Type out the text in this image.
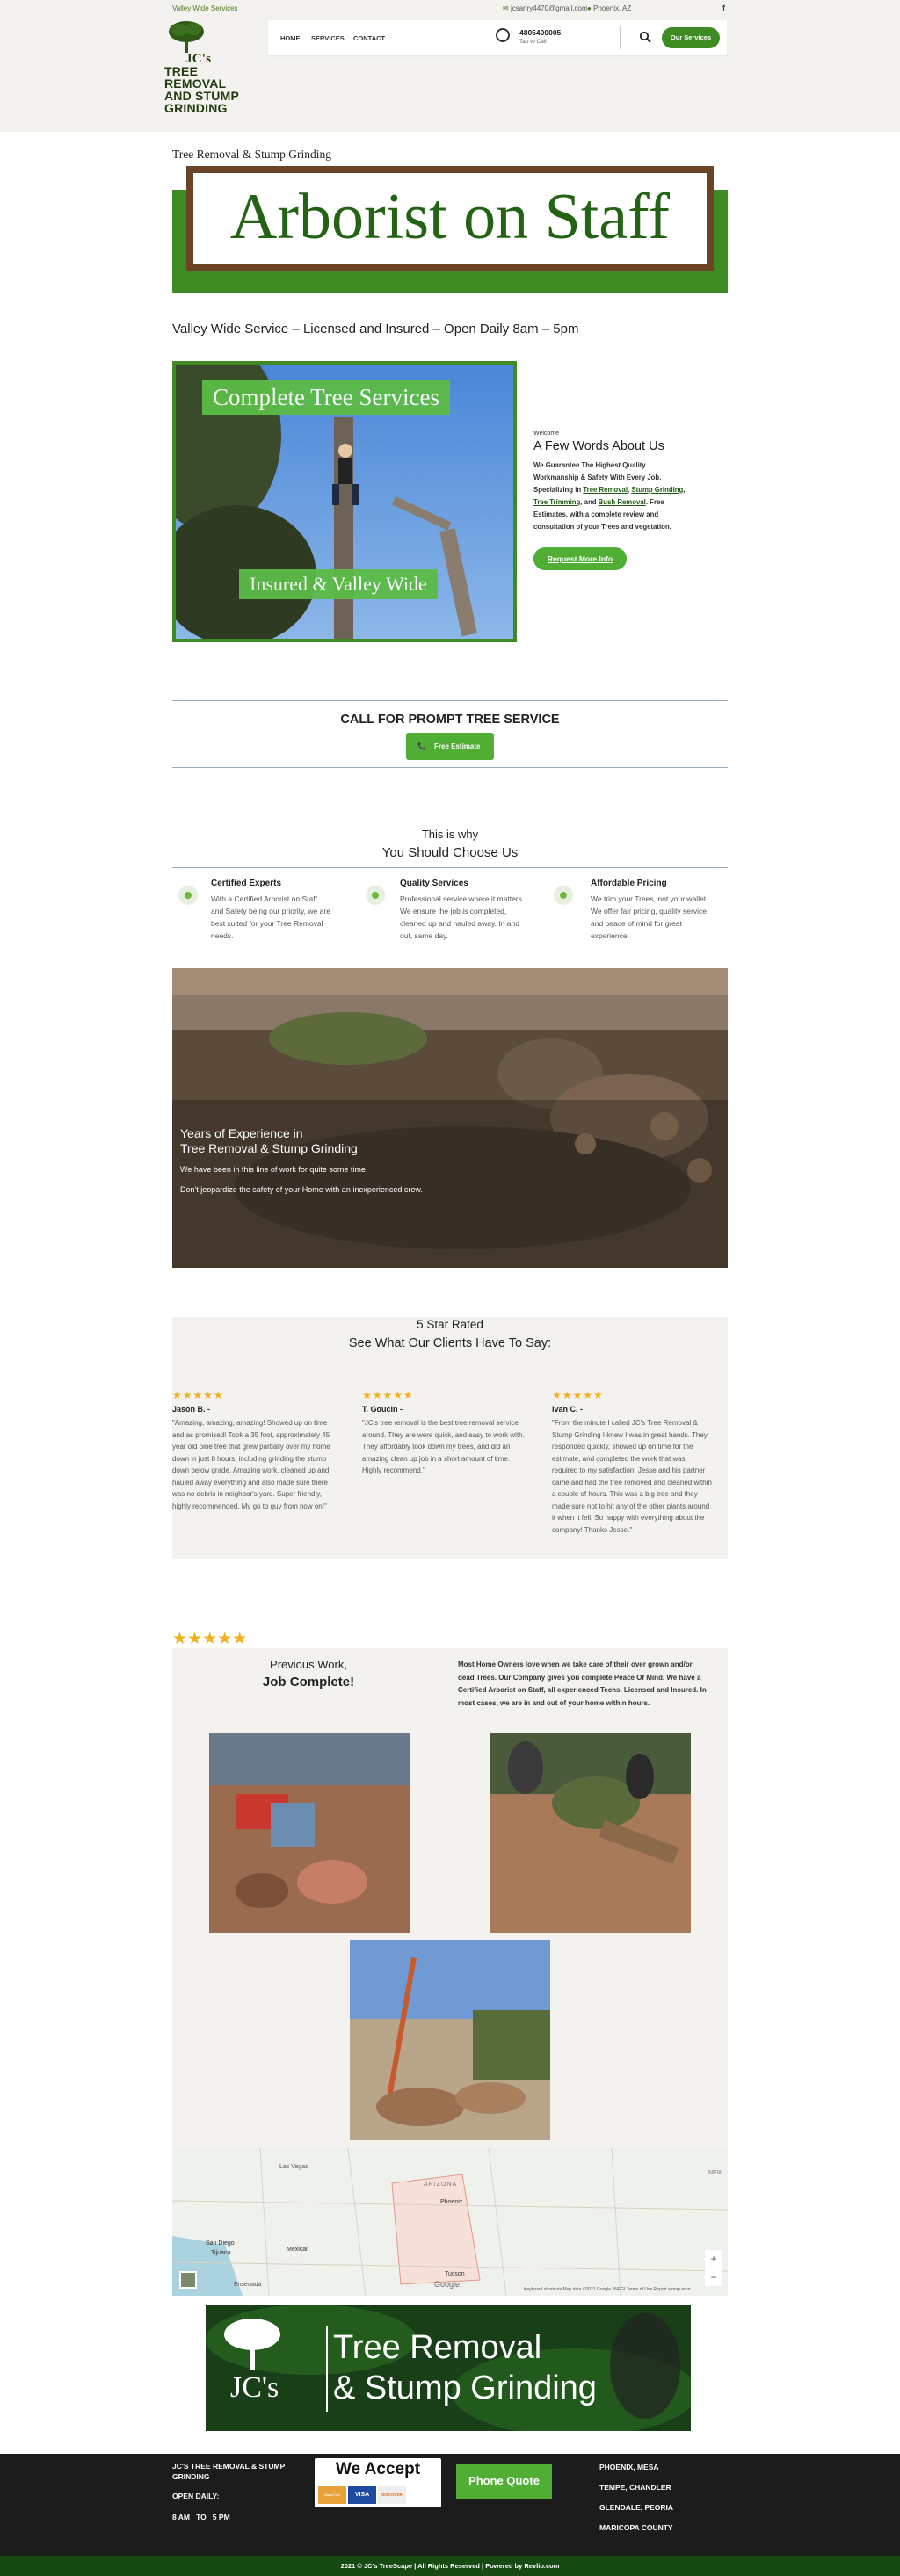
Valley Wide Services	✉ jcsanry4470@gmail.com ● Phoenix, AZ	f
JC's
TREE
REMOVAL
AND STUMP
GRINDING
HOME SERVICES CONTACT
4805400005
Tap to Call
Our Services
Tree Removal & Stump Grinding
Arborist on Staff
Valley Wide Service – Licensed and Insured – Open Daily 8am – 5pm
Complete Tree Services
Insured & Valley Wide
Welcome
A Few Words About Us
We Guarantee The Highest Quality
Workmanship & Safety With Every Job.
Specializing in Tree Removal, Stump Grinding,
Tree Trimming, and Bush Removal. Free
Estimates, with a complete review and
consultation of your Trees and vegetation.
Request More Info
CALL FOR PROMPT TREE SERVICE
📞 Free Estimate
This is why
You Should Choose Us
Certified Experts
With a Certified Arborist on Staff
and Safety being our priority, we are
best suited for your Tree Removal
needs.
Quality Services
Professional service where it matters.
We ensure the job is completed,
cleaned up and hauled away. In and
out, same day.
Affordable Pricing
We trim your Trees, not your wallet.
We offer fair pricing, quality service
and peace of mind for great
experience.
Years of Experience in
Tree Removal & Stump Grinding
We have been in this line of work for quite some time.
Don't jeopardize the safety of your Home with an inexperienced crew.
5 Star Rated
See What Our Clients Have To Say:
★★★★★
Jason B. -
"Amazing, amazing, amazing! Showed up on time
and as promised! Took a 35 foot, approximately 45
year old pine tree that grew partially over my home
down in just 8 hours, including grinding the stump
down below grade. Amazing work, cleaned up and
hauled away everything and also made sure there
was no debris in neighbor's yard. Super friendly,
highly recommended. My go to guy from now on!"
★★★★★
T. Goucin -
"JC's tree removal is the best tree removal service
around. They are were quick, and easy to work with.
They affordably took down my trees, and did an
amazing clean up job in a short amount of time.
Highly recommend."
★★★★★
Ivan C. -
"From the minute I called JC's Tree Removal &
Stump Grinding I knew I was in great hands. They
responded quickly, showed up on time for the
estimate, and completed the work that was
required to my satisfaction. Jesse and his partner
came and had the tree removed and cleaned within
a couple of hours. This was a big tree and they
made sure not to hit any of the other plants around
it when it fell. So happy with everything about the
company! Thanks Jesse."
★★★★★
Previous Work,
Job Complete!
Most Home Owners love when we take care of their over grown and/or
dead Trees. Our Company gives you complete Peace Of Mind. We have a
Certified Arborist on Staff, all experienced Techs, Licensed and Insured. In
most cases, we are in and out of your home within hours.
Las Vegas
ARIZONA
Phoenix
San Diego
Tijuana
Mexicali
Tucson
Ensenada
NEW
Google
Keyboard shortcuts Map data ©2021 Google, INEGI Terms of Use Report a map error
+
−
JC's
Tree Removal
& Stump Grinding
JC'S TREE REMOVAL & STUMP
GRINDING
OPEN DAILY:
8 AM   TO   5 PM
We Accept
MasterCard	VISA	DISCOVER
Phone Quote
PHOENIX, MESA
TEMPE, CHANDLER
GLENDALE, PEORIA
MARICOPA COUNTY
2021 © JC's TreeScape | All Rights Reserved | Powered by Revlio.com
